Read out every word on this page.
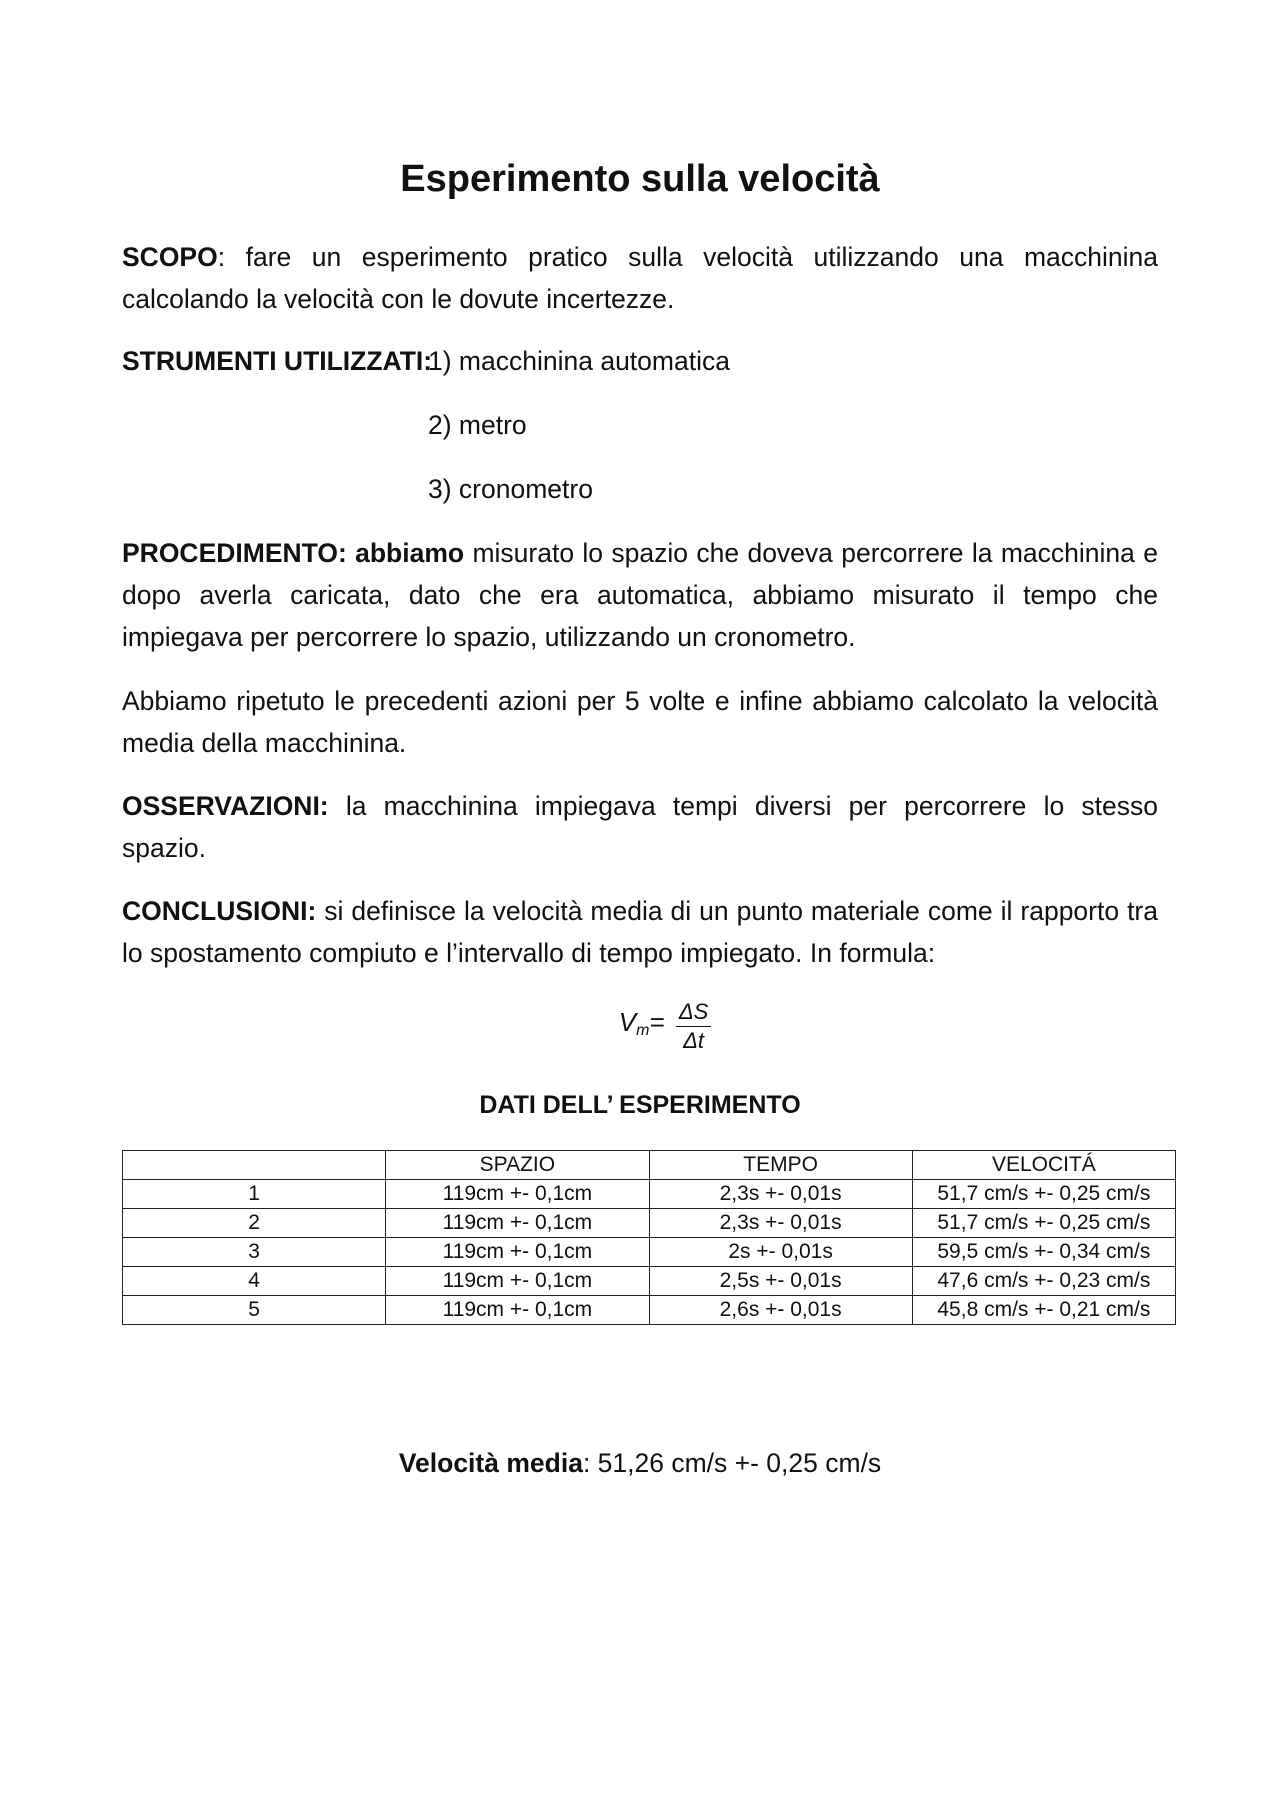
Esperimento sulla velocità

SCOPO: fare un esperimento pratico sulla velocità utilizzando una macchinina calcolando la velocità con le dovute incertezze.

STRUMENTI UTILIZZATI:
1) macchinina automatica
2) metro
3) cronometro

PROCEDIMENTO: abbiamo misurato lo spazio che doveva percorrere la macchinina e dopo averla caricata, dato che era automatica, abbiamo misurato il tempo che impiegava per percorrere lo spazio, utilizzando un cronometro.

Abbiamo ripetuto le precedenti azioni per 5 volte e infine abbiamo calcolato la velocità media della macchinina.

OSSERVAZIONI: la macchinina impiegava tempi diversi per percorrere lo stesso spazio.

CONCLUSIONI: si definisce la velocità media di un punto materiale come il rapporto tra lo spostamento compiuto e l’intervallo di tempo impiegato. In formula:

$V_m= \frac{\Delta S}{\Delta t}$
DATI DELL’ ESPERIMENTO
	SPAZIO	TEMPO	VELOCITÁ
1	119cm +- 0,1cm	2,3s +- 0,01s	51,7 cm/s +- 0,25 cm/s
2	119cm +- 0,1cm	2,3s +- 0,01s	51,7 cm/s +- 0,25 cm/s
3	119cm +- 0,1cm	2s +- 0,01s	59,5 cm/s +- 0,34 cm/s
4	119cm +- 0,1cm	2,5s +- 0,01s	47,6 cm/s +- 0,23 cm/s
5	119cm +- 0,1cm	2,6s +- 0,01s	45,8 cm/s +- 0,21 cm/s
Velocità media: 51,26 cm/s +- 0,25 cm/s
